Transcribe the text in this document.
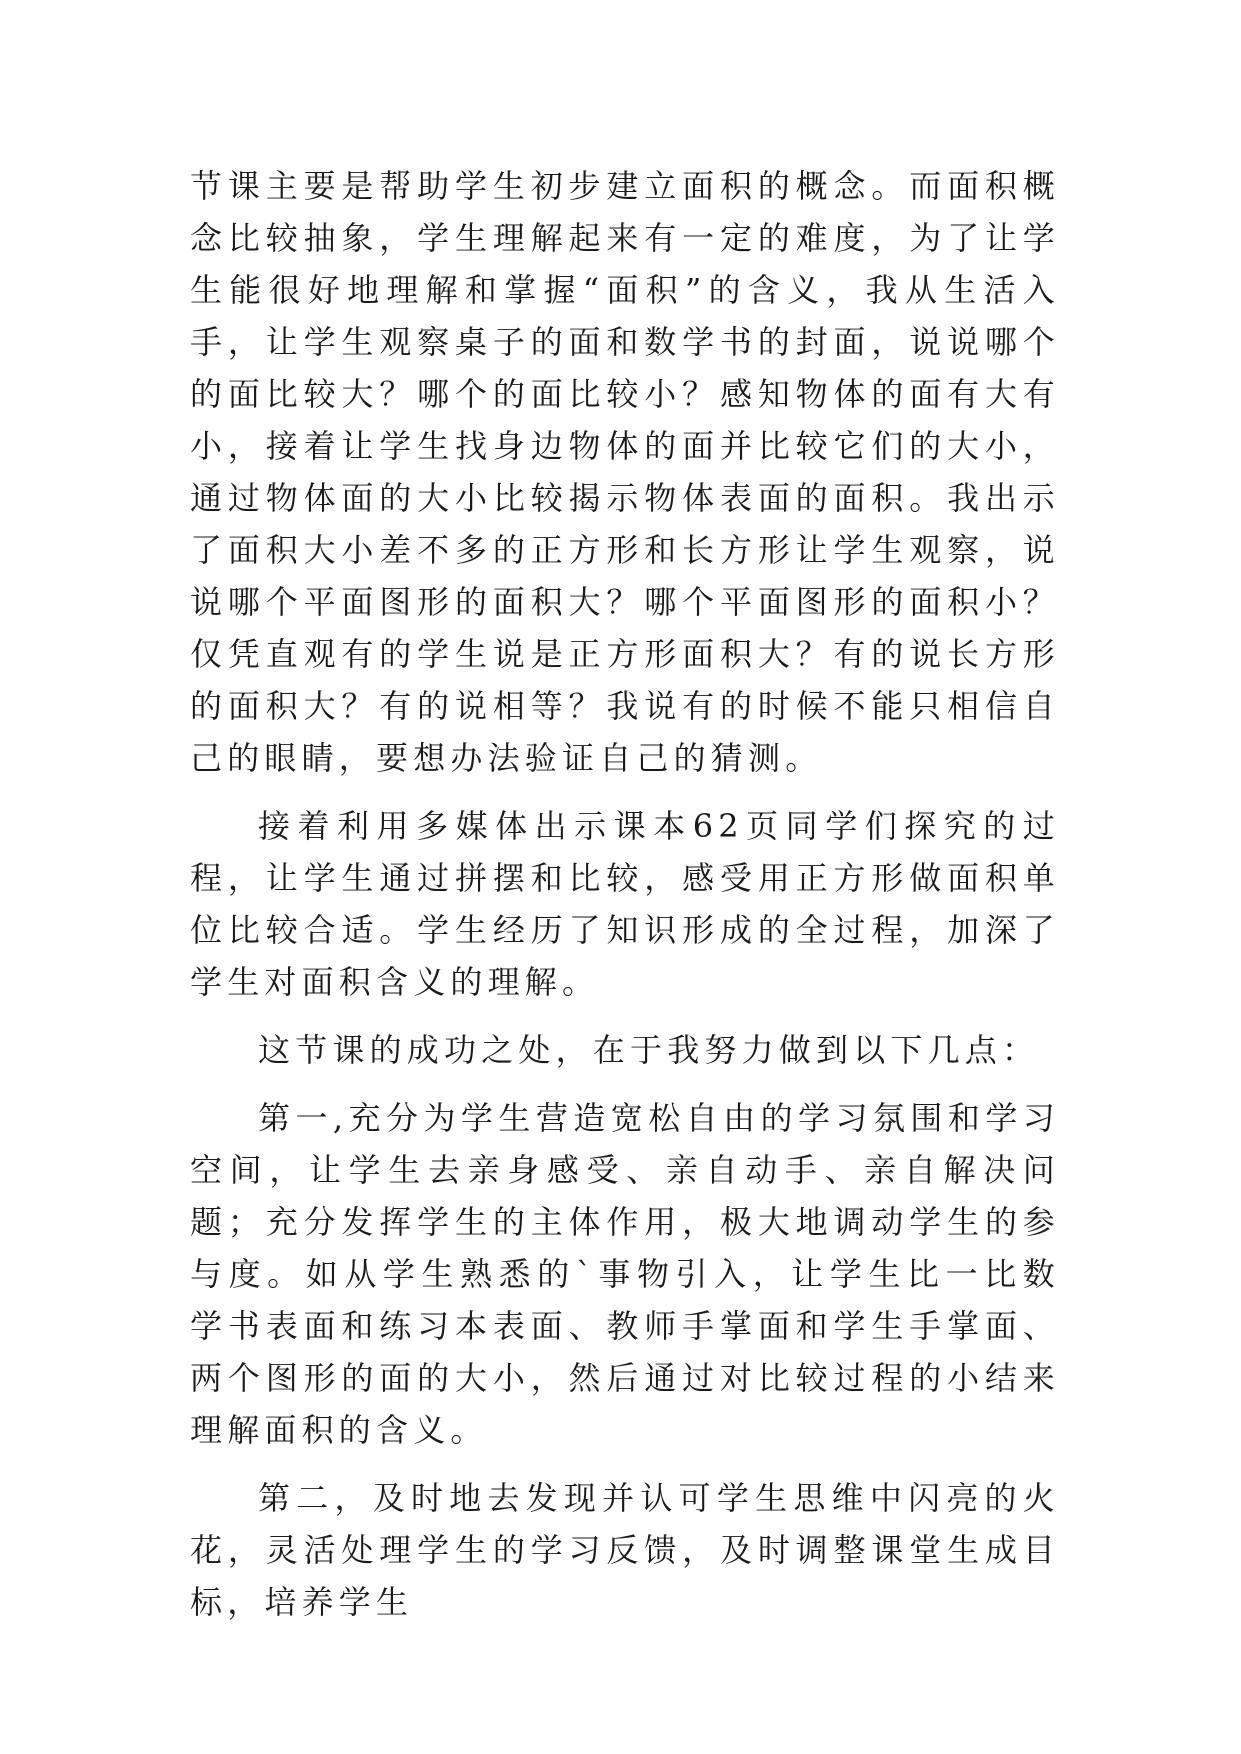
节课主要是帮助学生初步建立面积的概念。而面积概念比较抽象，学生理解起来有一定的难度，为了让学生能很好地理解和掌握“面积”的含义，我从生活入手，让学生观察桌子的面和数学书的封面，说说哪个的面比较大？哪个的面比较小？感知物体的面有大有小，接着让学生找身边物体的面并比较它们的大小，通过物体面的大小比较揭示物体表面的面积。我出示了面积大小差不多的正方形和长方形让学生观察，说说哪个平面图形的面积大？哪个平面图形的面积小？仅凭直观有的学生说是正方形面积大？有的说长方形的面积大？有的说相等？我说有的时候不能只相信自己的眼睛，要想办法验证自己的猜测。

接着利用多媒体出示课本62页同学们探究的过程，让学生通过拼摆和比较，感受用正方形做面积单位比较合适。学生经历了知识形成的全过程，加深了学生对面积含义的理解。

这节课的成功之处，在于我努力做到以下几点：

第一,充分为学生营造宽松自由的学习氛围和学习空间，让学生去亲身感受、亲自动手、亲自解决问题；充分发挥学生的主体作用，极大地调动学生的参与度。如从学生熟悉的`事物引入，让学生比一比数学书表面和练习本表面、教师手掌面和学生手掌面、两个图形的面的大小，然后通过对比较过程的小结来理解面积的含义。

第二，及时地去发现并认可学生思维中闪亮的火花，灵活处理学生的学习反馈，及时调整课堂生成目标，培养学生
